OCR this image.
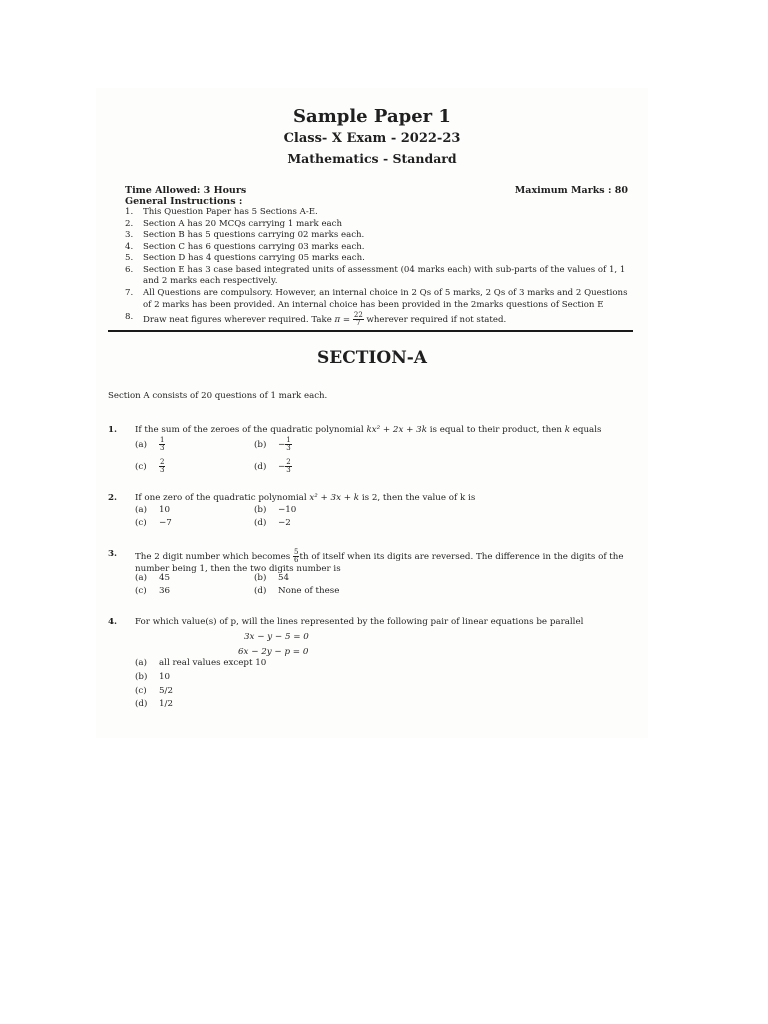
Sample Paper 1
Class- X Exam - 2022-23
Mathematics - Standard
Time Allowed: 3 Hours	Maximum Marks : 80
General Instructions :
1. This Question Paper has 5 Sections A-E.
2. Section A has 20 MCQs carrying 1 mark each
3. Section B has 5 questions carrying 02 marks each.
4. Section C has 6 questions carrying 03 marks each.
5. Section D has 4 questions carrying 05 marks each.
6. Section E has 3 case based integrated units of assessment (04 marks each) with sub-parts of the values of 1, 1 and 2 marks each respectively.
7. All Questions are compulsory. However, an internal choice in 2 Qs of 5 marks, 2 Qs of 3 marks and 2 Questions of 2 marks has been provided. An internal choice has been provided in the 2marks questions of Section E
8. Draw neat figures wherever required. Take $\pi = \frac{22}{7}$ wherever required if not stated.
SECTION-A
Section A consists of 20 questions of 1 mark each.
1. If the sum of the zeroes of the quadratic polynomial kx² + 2x + 3k is equal to their product, then k equals
$(a) \frac{1}{3}$	$(b) - \frac{1}{3}$
$(c) \frac{2}{3}$	$(d) - \frac{2}{3}$
2. If one zero of the quadratic polynomial x² + 3x + k is 2, then the value of k is
(a) 10	(b) −10
(c) −7	(d) −2
3. The 2 digit number which becomes $\frac{5}{6}$ th of itself when its digits are reversed. The difference in the digits of the number being 1, then the two digits number is
(a) 45	(b) 54
(c) 36	(d) None of these
4. For which value(s) of p, will the lines represented by the following pair of linear equations be parallel
3x − y − 5 = 0
6x − 2y − p = 0
(a) all real values except 10
(b) 10
(c) 5/2
(d) 1/2
